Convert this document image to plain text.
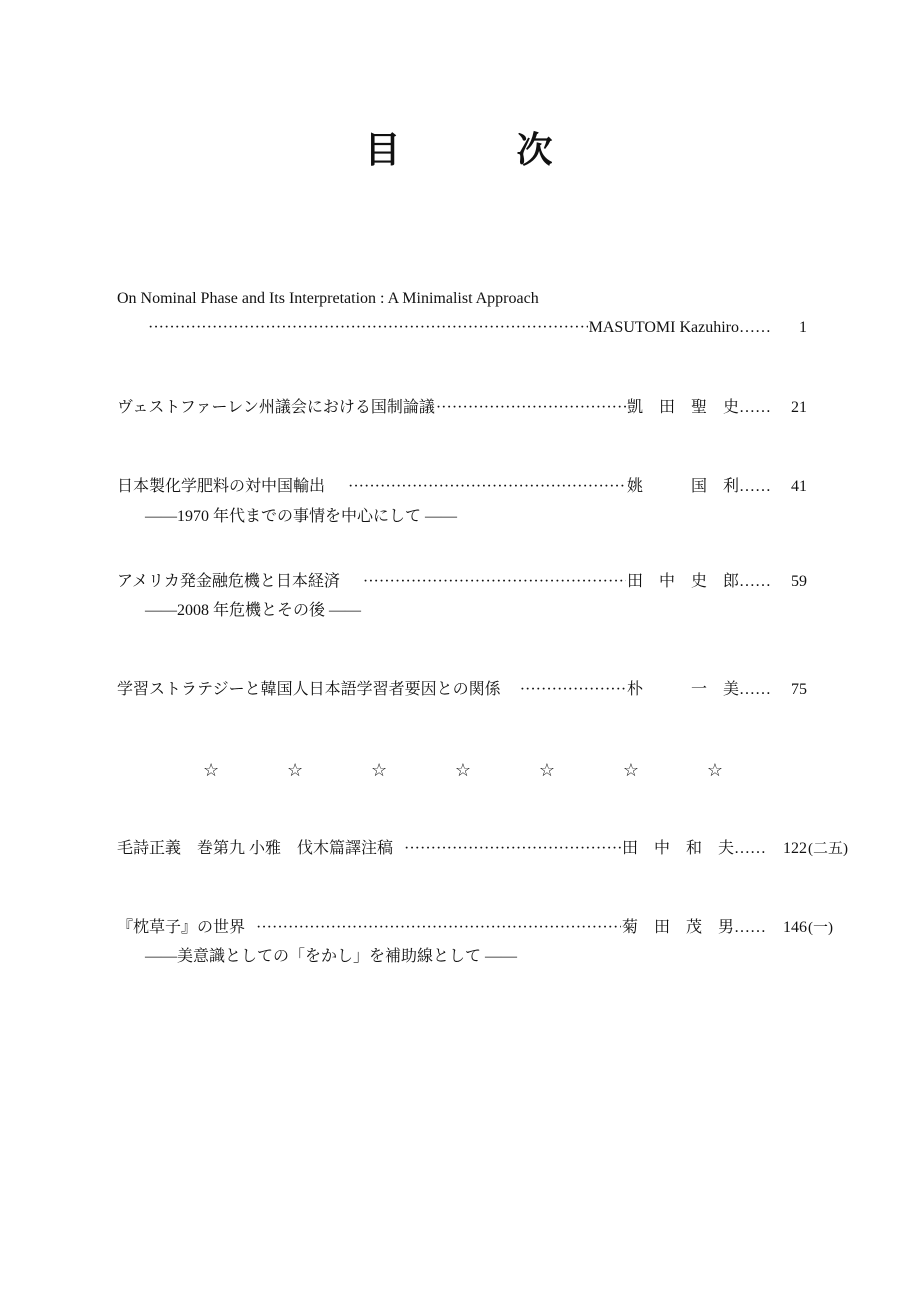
目	次
On Nominal Phase and Its Interpretation : A Minimalist Approach
·····
MASUTOMI Kazuhiro ……	1
ヴェストファーレン州議会における国制論議 ·····	凱 田 聖 史 ……	21
日本製化学肥料の対中国輸出 ·····	姚	国 利 ……	41
――1970 年代までの事情を中心にして ――
アメリカ発金融危機と日本経済 ·····	田 中 史 郎 ……	59
――2008 年危機とその後 ――
学習ストラテジーと韓国人日本語学習者要因との関係 ·····	朴	一 美 ……	75
☆	☆	☆	☆	☆	☆	☆
毛詩正義　巻第九 小雅　伐木篇譯注稿 ·····	田 中 和 夫 ……	122 (二五)
『枕草子』の世界 ·····	菊 田 茂 男 ……	146 (一)
――美意識としての「をかし」を補助線として ――
